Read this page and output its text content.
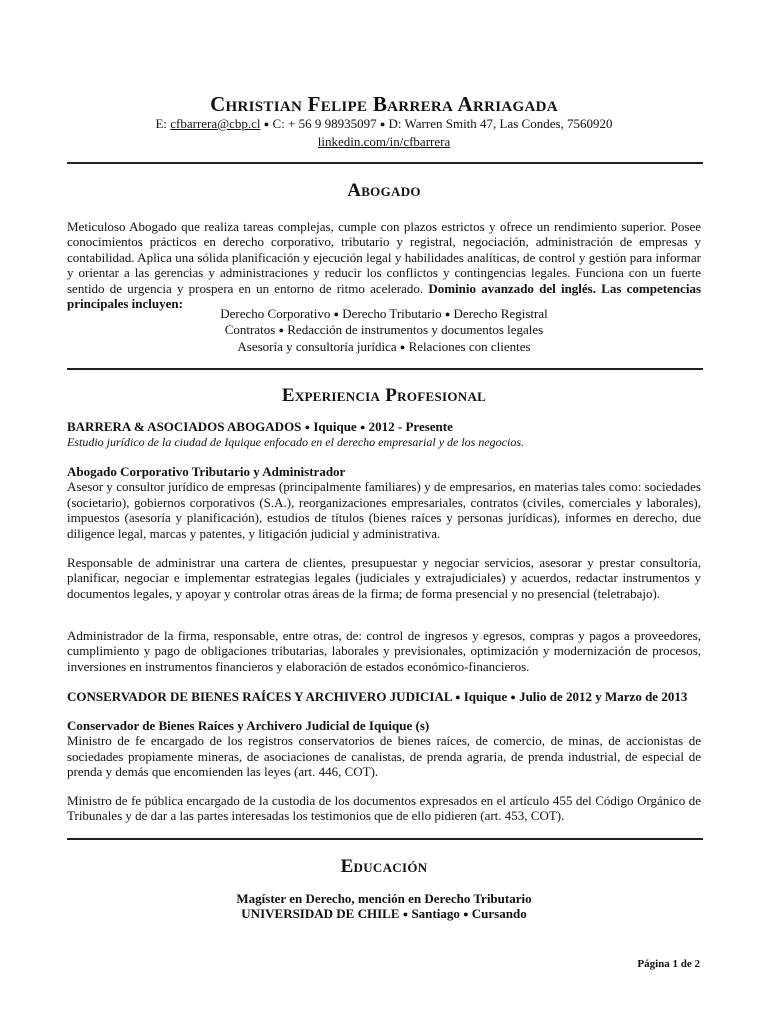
Christian Felipe Barrera Arriagada
E: cfbarrera@cbp.cl ● C: + 56 9 98935097 ● D: Warren Smith 47, Las Condes, 7560920
linkedin.com/in/cfbarrera
Abogado
Meticuloso Abogado que realiza tareas complejas, cumple con plazos estrictos y ofrece un rendimiento superior. Posee conocimientos prácticos en derecho corporativo, tributario y registral, negociación, administración de empresas y contabilidad. Aplica una sólida planificación y ejecución legal y habilidades analíticas, de control y gestión para informar y orientar a las gerencias y administraciones y reducir los conflictos y contingencias legales. Funciona con un fuerte sentido de urgencia y prospera en un entorno de ritmo acelerado. Dominio avanzado del inglés. Las competencias principales incluyen:
Derecho Corporativo ● Derecho Tributario ● Derecho Registral
Contratos ● Redacción de instrumentos y documentos legales
Asesoría y consultoría jurídica ● Relaciones con clientes
Experiencia Profesional
BARRERA & ASOCIADOS ABOGADOS ● Iquique ● 2012 - Presente
Estudio jurídico de la ciudad de Iquique enfocado en el derecho empresarial y de los negocios.
Abogado Corporativo Tributario y Administrador

Asesor y consultor jurídico de empresas (principalmente familiares) y de empresarios, en materias tales como: sociedades (societario), gobiernos corporativos (S.A.), reorganizaciones empresariales, contratos (civiles, comerciales y laborales), impuestos (asesoría y planificación), estudios de títulos (bienes raíces y personas jurídicas), informes en derecho, due diligence legal, marcas y patentes, y litigación judicial y administrativa.

Responsable de administrar una cartera de clientes, presupuestar y negociar servicios, asesorar y prestar consultoría, planificar, negociar e implementar estrategias legales (judiciales y extrajudiciales) y acuerdos, redactar instrumentos y documentos legales, y apoyar y controlar otras áreas de la firma; de forma presencial y no presencial (teletrabajo).
Administrador de la firma, responsable, entre otras, de: control de ingresos y egresos, compras y pagos a proveedores, cumplimiento y pago de obligaciones tributarias, laborales y previsionales, optimización y modernización de procesos, inversiones en instrumentos financieros y elaboración de estados económico-financieros.
CONSERVADOR DE BIENES RAÍCES Y ARCHIVERO JUDICIAL ● Iquique ● Julio de 2012 y Marzo de 2013
Conservador de Bienes Raíces y Archivero Judicial de Iquique (s)

Ministro de fe encargado de los registros conservatorios de bienes raíces, de comercio, de minas, de accionistas de sociedades propiamente mineras, de asociaciones de canalistas, de prenda agraria, de prenda industrial, de especial de prenda y demás que encomienden las leyes (art. 446, COT).

Ministro de fe pública encargado de la custodia de los documentos expresados en el artículo 455 del Código Orgánico de Tribunales y de dar a las partes interesadas los testimonios que de ello pidieren (art. 453, COT).
Educación
Magíster en Derecho, mención en Derecho Tributario
UNIVERSIDAD DE CHILE ● Santiago ● Cursando
Página 1 de 2
